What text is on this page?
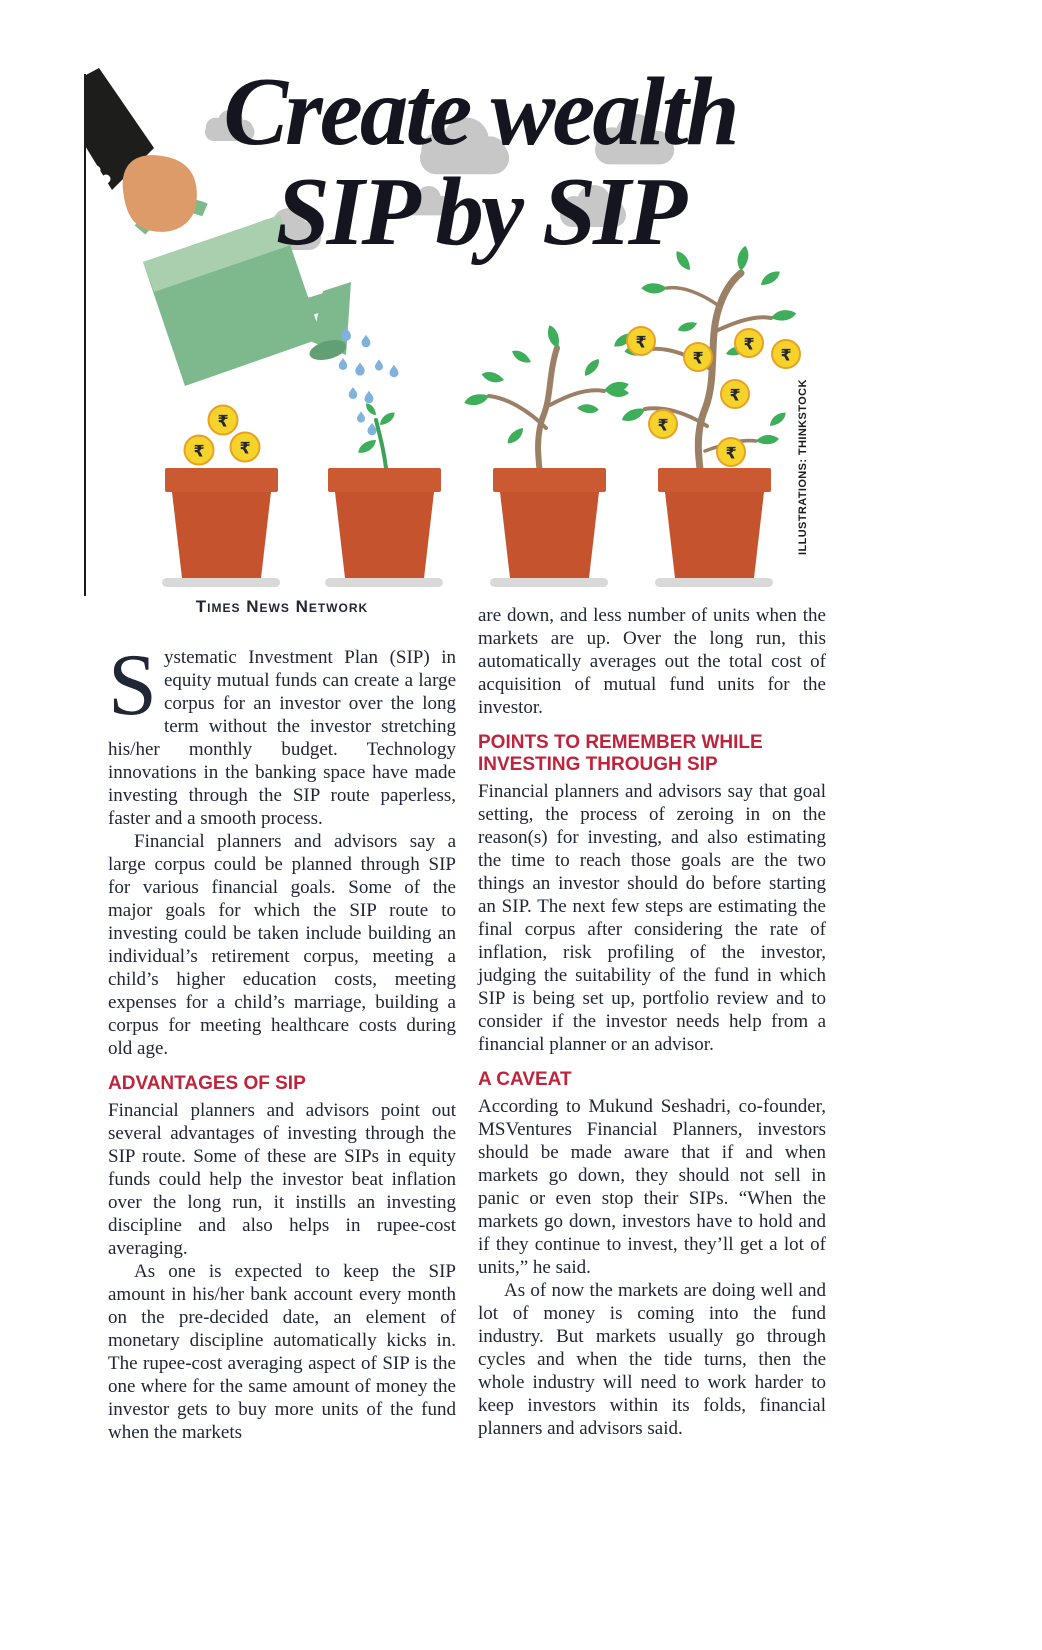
₹
₹ ₹
₹
₹
₹
₹
₹
₹
₹
Create wealth
SIP by SIP
ILLUSTRATIONS: THINKSTOCK
Times News Network

Systematic Investment Plan (SIP) in equity mutual funds can create a large corpus for an investor over the long term without the investor stretching his/her monthly budget. Technology innovations in the banking space have made investing through the SIP route paperless, faster and a smooth process.

Financial planners and advisors say a large corpus could be planned through SIP for various financial goals. Some of the major goals for which the SIP route to investing could be taken include building an individual’s retirement corpus, meeting a child’s higher education costs, meeting expenses for a child’s marriage, building a corpus for meeting healthcare costs during old age.

ADVANTAGES OF SIP

Financial planners and advisors point out several advantages of investing through the SIP route. Some of these are SIPs in equity funds could help the investor beat inflation over the long run, it instills an investing discipline and also helps in rupee-cost averaging.

As one is expected to keep the SIP amount in his/her bank account every month on the pre-decided date, an element of monetary discipline automatically kicks in. The rupee-cost averaging aspect of SIP is the one where for the same amount of money the investor gets to buy more units of the fund when the markets

are down, and less number of units when the markets are up. Over the long run, this automatically averages out the total cost of acquisition of mutual fund units for the investor.

POINTS TO REMEMBER WHILE INVESTING THROUGH SIP

Financial planners and advisors say that goal setting, the process of zeroing in on the reason(s) for investing, and also estimating the time to reach those goals are the two things an investor should do before starting an SIP. The next few steps are estimating the final corpus after considering the rate of inflation, risk profiling of the investor, judging the suitability of the fund in which SIP is being set up, portfolio review and to consider if the investor needs help from a financial planner or an advisor.

A CAVEAT

According to Mukund Seshadri, co-founder, MSVentures Financial Planners, investors should be made aware that if and when markets go down, they should not sell in panic or even stop their SIPs. “When the markets go down, investors have to hold and if they continue to invest, they’ll get a lot of units,” he said.

As of now the markets are doing well and lot of money is coming into the fund industry. But markets usually go through cycles and when the tide turns, then the whole industry will need to work harder to keep investors within its folds, financial planners and advisors said.
